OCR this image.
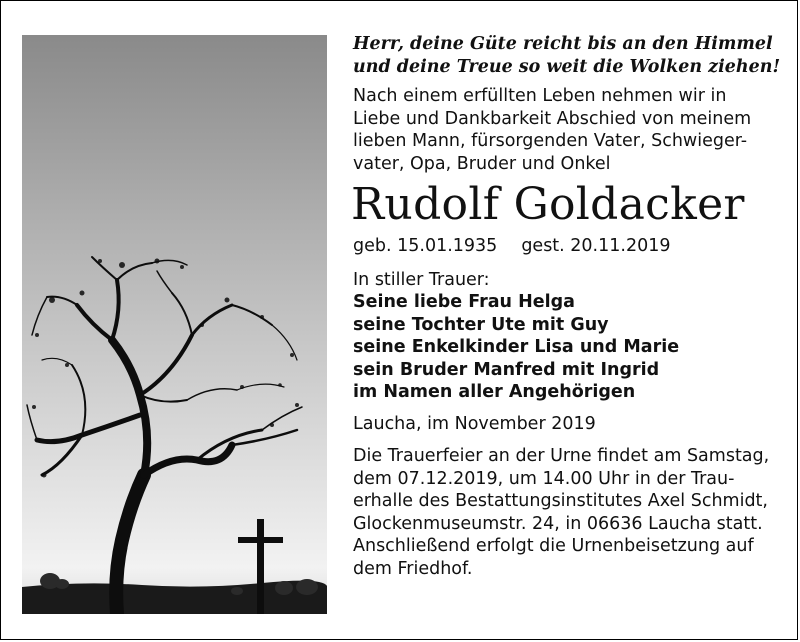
Herr, deine Güte reicht bis an den Himmel
und deine Treue so weit die Wolken ziehen!
Nach einem erfüllten Leben nehmen wir in
Liebe und Dankbarkeit Abschied von meinem
lieben Mann, fürsorgenden Vater, Schwieger-
vater, Opa, Bruder und Onkel
Rudolf Goldacker
geb. 15.01.1935 gest. 20.11.2019
In stiller Trauer:
Seine liebe Frau Helga
seine Tochter Ute mit Guy
seine Enkelkinder Lisa und Marie
sein Bruder Manfred mit Ingrid
im Namen aller Angehörigen
Laucha, im November 2019
Die Trauerfeier an der Urne findet am Samstag,
dem 07.12.2019, um 14.00 Uhr in der Trau-
erhalle des Bestattungsinstitutes Axel Schmidt,
Glockenmuseumstr. 24, in 06636 Laucha statt.
Anschließend erfolgt die Urnenbeisetzung auf
dem Friedhof.
